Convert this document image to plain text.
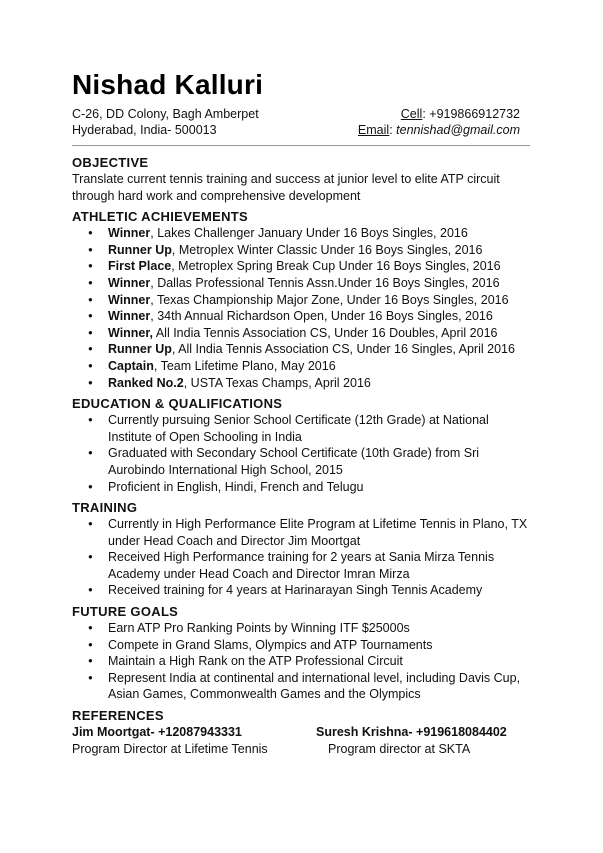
Nishad Kalluri
C-26, DD Colony, Bagh Amberpet	Cell: +919866912732
Hyderabad, India- 500013	Email: tennishad@gmail.com
OBJECTIVE

Translate current tennis training and success at junior level to elite ATP circuit through hard work and comprehensive development

ATHLETIC ACHIEVEMENTS
● Winner, Lakes Challenger January Under 16 Boys Singles, 2016
● Runner Up, Metroplex Winter Classic Under 16 Boys Singles, 2016
● First Place, Metroplex Spring Break Cup Under 16 Boys Singles, 2016
● Winner, Dallas Professional Tennis Assn.Under 16 Boys Singles, 2016
● Winner, Texas Championship Major Zone, Under 16 Boys Singles, 2016
● Winner, 34th Annual Richardson Open, Under 16 Boys Singles, 2016
● Winner, All India Tennis Association CS, Under 16 Doubles, April 2016
● Runner Up, All India Tennis Association CS, Under 16 Singles, April 2016
● Captain, Team Lifetime Plano, May 2016
● Ranked No.2, USTA Texas Champs, April 2016
EDUCATION & QUALIFICATIONS
● Currently pursuing Senior School Certificate (12th Grade) at National Institute of Open Schooling in India
● Graduated with Secondary School Certificate (10th Grade) from Sri Aurobindo International High School, 2015
● Proficient in English, Hindi, French and Telugu
TRAINING
● Currently in High Performance Elite Program at Lifetime Tennis in Plano, TX under Head Coach and Director Jim Moortgat
● Received High Performance training for 2 years at Sania Mirza Tennis Academy under Head Coach and Director Imran Mirza
● Received training for 4 years at Harinarayan Singh Tennis Academy
FUTURE GOALS
● Earn ATP Pro Ranking Points by Winning ITF $25000s
● Compete in Grand Slams, Olympics and ATP Tournaments
● Maintain a High Rank on the ATP Professional Circuit
● Represent India at continental and international level, including Davis Cup, Asian Games, Commonwealth Games and the Olympics
REFERENCES
Jim Moortgat- +12087943331
Program Director at Lifetime Tennis
Suresh Krishna- +919618084402
Program director at SKTA
